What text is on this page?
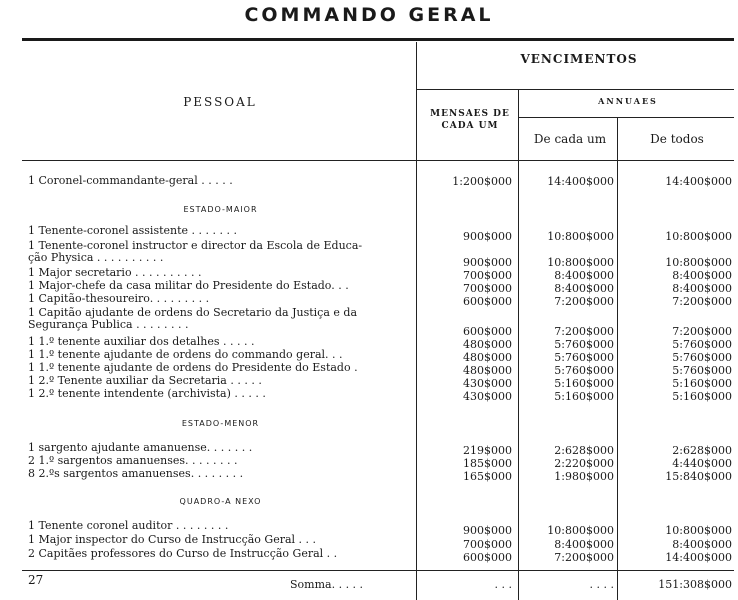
COMMANDO GERAL
PESSOAL
VENCIMENTOS
MENSAES DE CADA UM
ANNUAES
De cada um	De todos
1 Coronel-commandante-geral . . . . .	1:200$000	14:400$000	14:400$000
ESTADO-MAIOR
1 Tenente-coronel assistente . . . . . . .	900$000	10:800$000	10:800$000
1 Tenente-coronel instructor e director da Escola de Educa-
ção Physica . . . . . . . . . .	900$000	10:800$000	10:800$000
1 Major secretario . . . . . . . . . .	700$000	8:400$000	8:400$000
1 Major-chefe da casa militar do Presidente do Estado. . .	700$000	8:400$000	8:400$000
1 Capitão-thesoureiro. . . . . . . . .	600$000	7:200$000	7:200$000
1 Capitão ajudante de ordens do Secretario da Justiça e da
Segurança Publica . . . . . . . .
600$000	7:200$000	7:200$000
1 1.º tenente auxiliar dos detalhes . . . . .	480$000	5:760$000	5:760$000
1 1.º tenente ajudante de ordens do commando geral. . .	480$000	5:760$000	5:760$000
1 1.º tenente ajudante de ordens do Presidente do Estado .	480$000	5:760$000	5:760$000
1 2.º Tenente auxiliar da Secretaria . . . . .	430$000	5:160$000	5:160$000
1 2.º tenente intendente (archivista) . . . . .	430$000	5:160$000	5:160$000
ESTADO-MENOR
1 sargento ajudante amanuense. . . . . . .	219$000	2:628$000	2:628$000
2 1.º sargentos amanuenses. . . . . . . .	185$000	2:220$000	4:440$000
8 2.ºs sargentos amanuenses. . . . . . . .	165$000	1:980$000	15:840$000
QUADRO-A NEXO
1 Tenente coronel auditor . . . . . . . .	900$000	10:800$000	10:800$000
1 Major inspector do Curso de Instrucção Geral . . .	700$000	8:400$000	8:400$000
2 Capitães professores do Curso de Instrucção Geral . .	600$000	7:200$000	14:400$000
27	Somma. . . . .	. . .	. . . .	151:308$000
